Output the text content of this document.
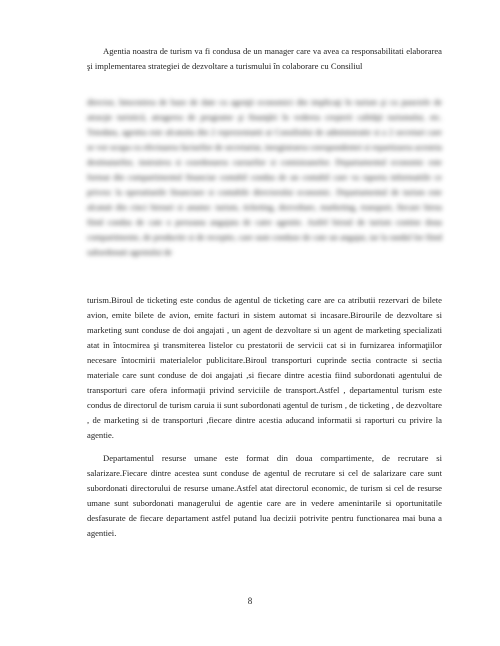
Agentia noastra de turism va fi condusa de un manager care va avea ca responsabilitati elaborarea şi implementarea strategiei de dezvoltare a turismului în colaborare cu Consiliul

director, întocmirea de baze de date cu agenţii economici din implicaţi în turism şi cu punctele de atracţie turistică, atragerea de programe şi finanţări în vederea creşterii calităţii turismului, etc. Totodata, agentia este alcatuita din 2 reprezentanti ai Consiliului de administratie si a 2 secretari care se vor ocupa cu efectuarea facturilor de secretariat, inregistrarea corespondentei si repartizarea acesteia destinatarilor, instruirea si coordonarea cursurilor si comisioanelor. Departamentul economic este format din compartimentul financiar contabil condus de un contabil care va raporta informatiile ce privesc la operatiunile financiare si contabile directorului economic. Departamentul de turism este alcatuit din cinci birouri si anume: turism, ticketing, dezvoltare, marketing, transport, fiecare birou fiind condus de cate o persoana angajata de catre agentie. Astfel biroul de turism contine doua compartimente, de productie si de receptie, care sunt conduse de cate un angajat, iar la randul lor fiind subordonati agentului de

turism.Biroul de ticketing este condus de agentul de ticketing care are ca atributii rezervari de bilete avion, emite bilete de avion, emite facturi in sistem automat si incasare.Birourile de dezvoltare si marketing sunt conduse de doi angajati , un agent de dezvoltare si un agent de marketing specializati atat in întocmirea şi transmiterea listelor cu prestatorii de servicii cat si in furnizarea informaţiilor necesare întocmirii materialelor publicitare.Biroul transporturi cuprinde sectia contracte si sectia materiale care sunt conduse de doi angajati ,si fiecare dintre acestia fiind subordonati agentului de transporturi care ofera informaţii privind serviciile de transport.Astfel , departamentul turism este condus de directorul de turism caruia ii sunt subordonati agentul de turism , de ticketing , de dezvoltare , de marketing si de transporturi ,fiecare dintre acestia aducand informatii si raporturi cu privire la agentie.

Departamentul resurse umane este format din doua compartimente, de recrutare si salarizare.Fiecare dintre acestea sunt conduse de agentul de recrutare si cel de salarizare care sunt subordonati directorului de resurse umane.Astfel atat directorul economic, de turism si cel de resurse umane sunt subordonati managerului de agentie care are in vedere amenintarile si oportunitatile desfasurate de fiecare departament astfel putand lua decizii potrivite pentru functionarea mai buna a agentiei.

8
